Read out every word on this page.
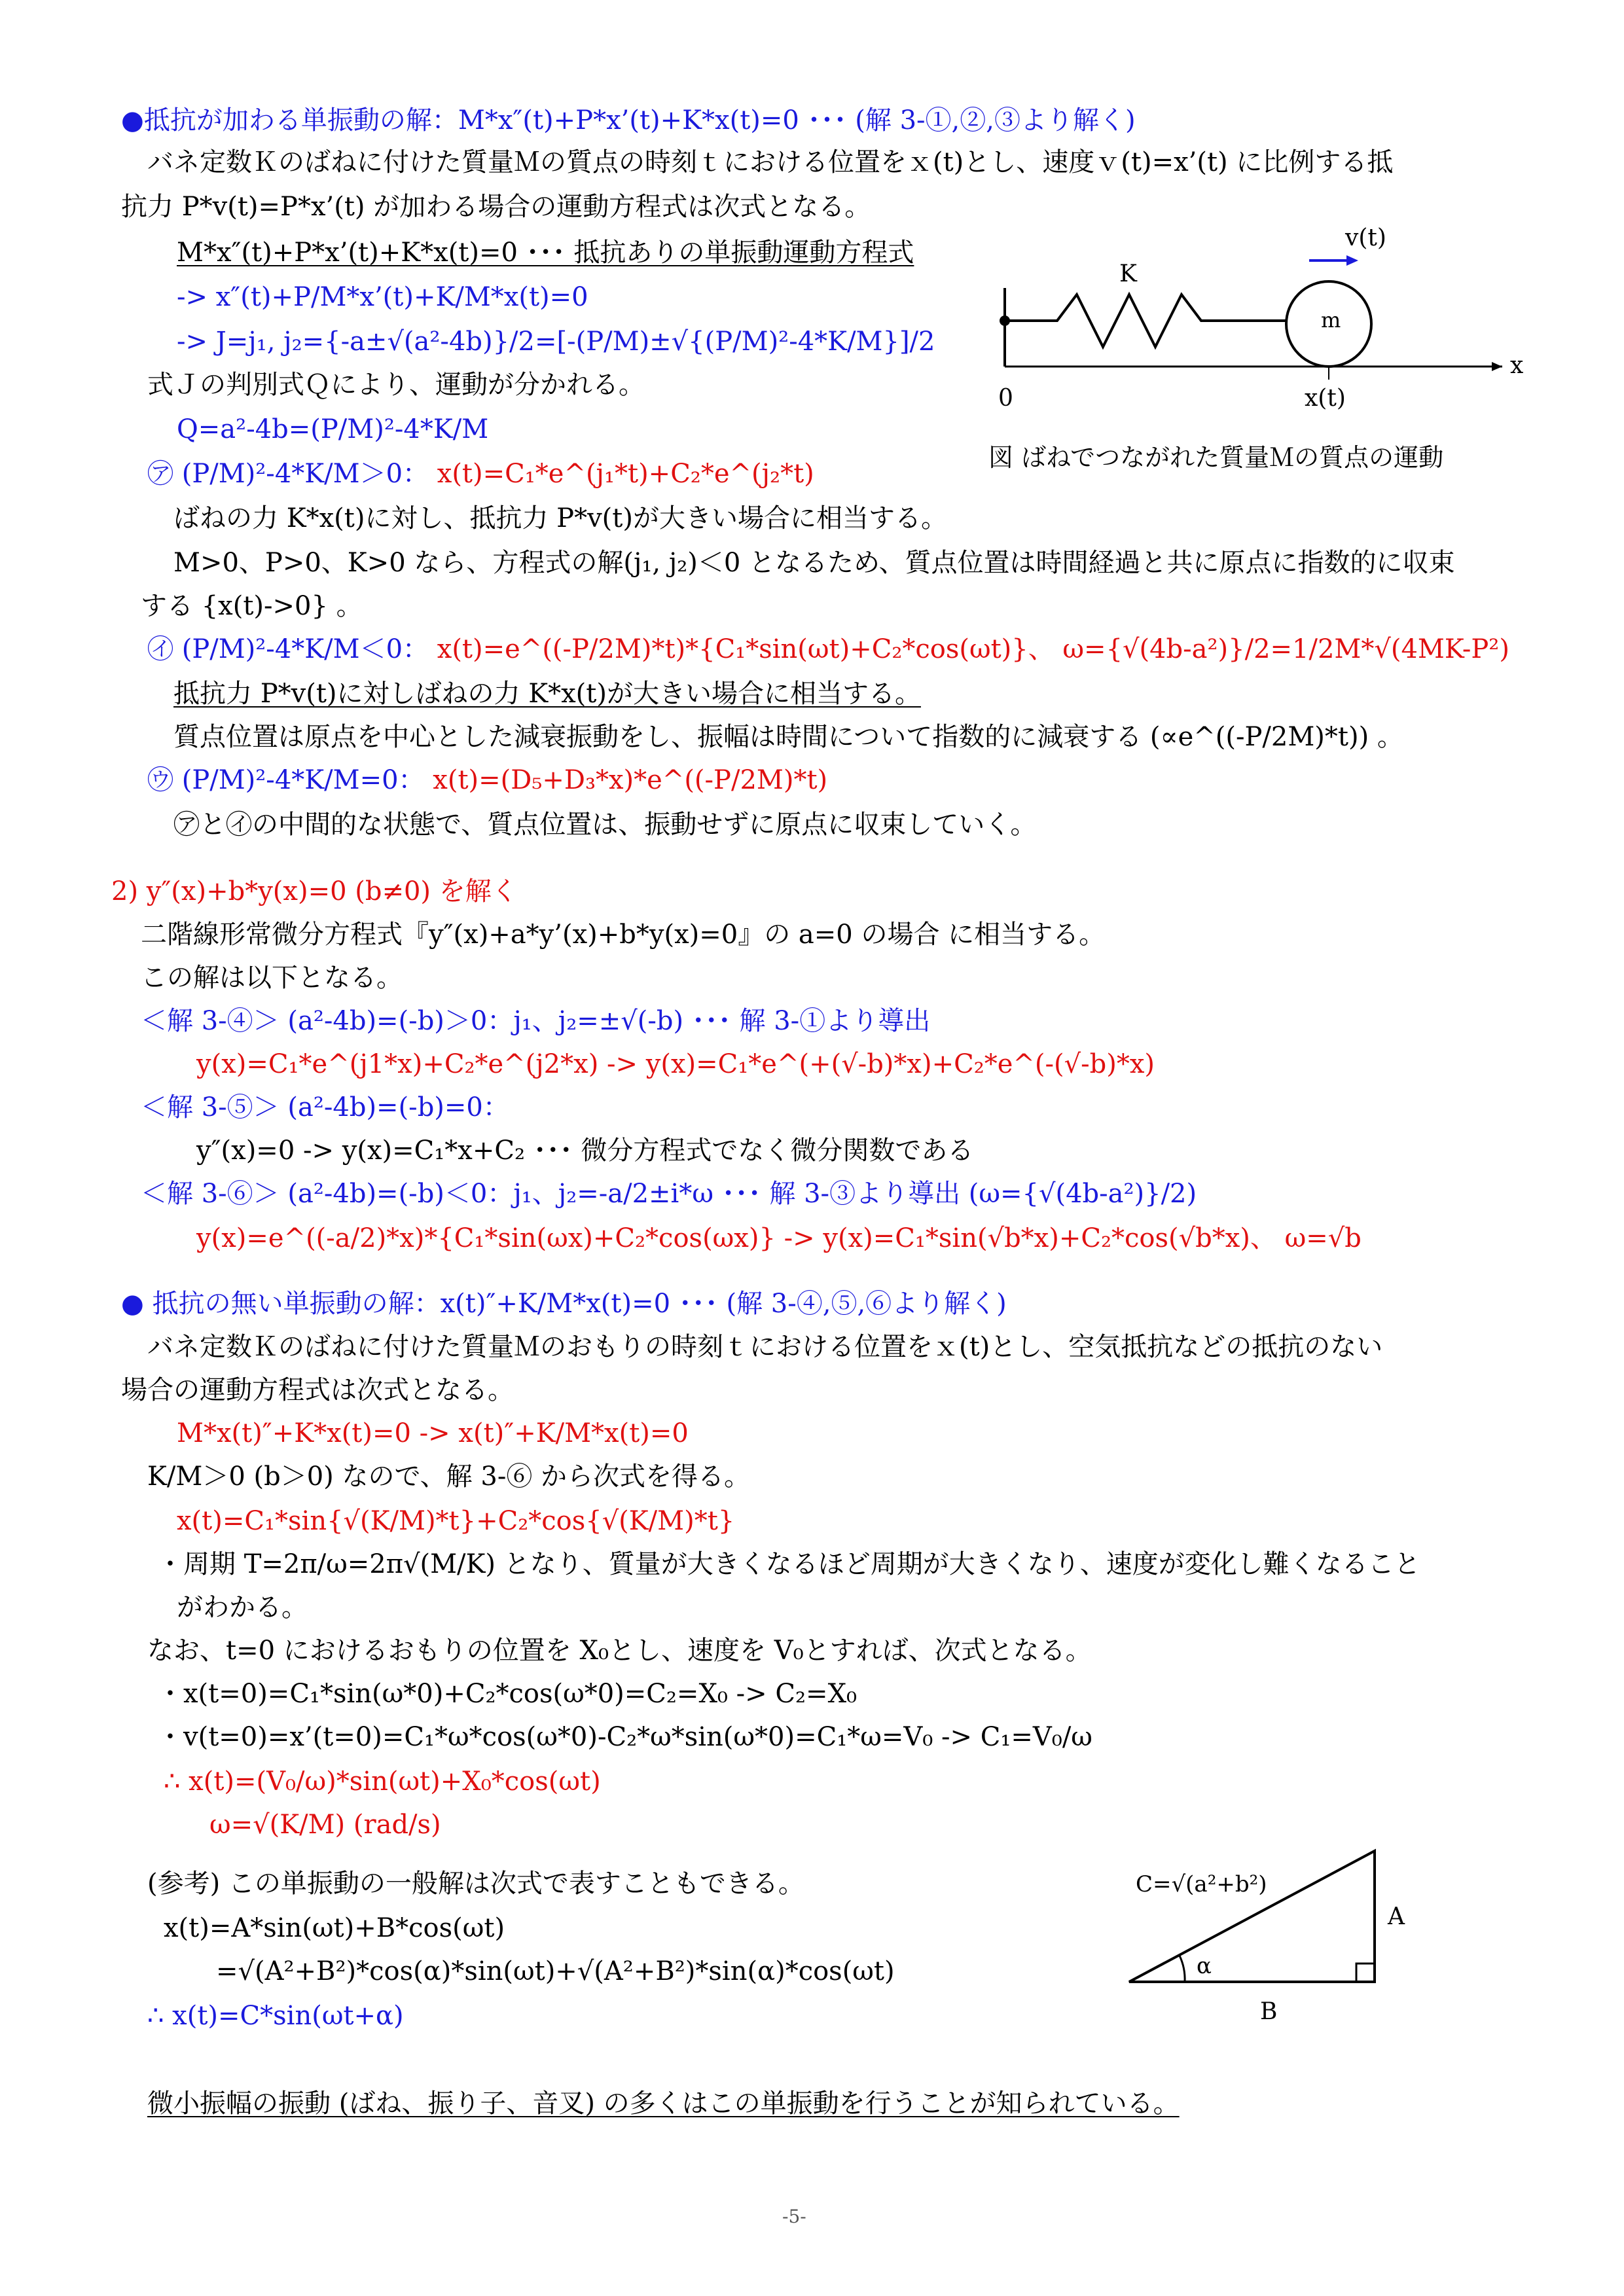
●抵抗が加わる単振動の解：M*x″(t)+P*x’(t)+K*x(t)=0 ･･･ (解 3-①,②,③より解く)
バネ定数Ｋのばねに付けた質量Ｍの質点の時刻ｔにおける位置をｘ(t)とし、速度ｖ(t)=x’(t) に比例する抵
抗力 P*v(t)=P*x’(t) が加わる場合の運動方程式は次式となる。
M*x″(t)+P*x’(t)+K*x(t)=0 ･･･ 抵抗ありの単振動運動方程式
-> x″(t)+P/M*x’(t)+K/M*x(t)=0
-> J=j₁, j₂={-a±√(a²-4b)}/2=[-(P/M)±√{(P/M)²-4*K/M}]/2
式Ｊの判別式Ｑにより、運動が分かれる。
Q=a²-4b=(P/M)²-4*K/M
㋐ (P/M)²-4*K/M＞0： x(t)=C₁*e^(j₁*t)+C₂*e^(j₂*t)
ばねの力 K*x(t)に対し、抵抗力 P*v(t)が大きい場合に相当する。
M>0、P>0、K>0 なら、方程式の解(j₁, j₂)＜0 となるため、質点位置は時間経過と共に原点に指数的に収束
する {x(t)->0} 。
㋑ (P/M)²-4*K/M＜0： x(t)=e^((-P/2M)*t)*{C₁*sin(ωt)+C₂*cos(ωt)}、 ω={√(4b-a²)}/2=1/2M*√(4MK-P²)
抵抗力 P*v(t)に対しばねの力 K*x(t)が大きい場合に相当する。
質点位置は原点を中心とした減衰振動をし、振幅は時間について指数的に減衰する (∝e^((-P/2M)*t)) 。
㋒ (P/M)²-4*K/M=0： x(t)=(D₅+D₃*x)*e^((-P/2M)*t)
㋐と㋑の中間的な状態で、質点位置は、振動せずに原点に収束していく。
v(t)
K
m
x
0	x(t)
図 ばねでつながれた質量Ｍの質点の運動
2) y″(x)+b*y(x)=0 (b≠0) を解く
二階線形常微分方程式『y″(x)+a*y’(x)+b*y(x)=0』の a=0 の場合 に相当する。
この解は以下となる。
＜解 3-④＞ (a²-4b)=(-b)＞0：j₁、j₂=±√(-b) ･･･ 解 3-①より導出
y(x)=C₁*e^(j1*x)+C₂*e^(j2*x) -> y(x)=C₁*e^(+(√-b)*x)+C₂*e^(-(√-b)*x)
＜解 3-⑤＞ (a²-4b)=(-b)=0：
y″(x)=0 -> y(x)=C₁*x+C₂ ･･･ 微分方程式でなく微分関数である
＜解 3-⑥＞ (a²-4b)=(-b)＜0：j₁、j₂=-a/2±i*ω ･･･ 解 3-③より導出 (ω={√(4b-a²)}/2)
y(x)=e^((-a/2)*x)*{C₁*sin(ωx)+C₂*cos(ωx)} -> y(x)=C₁*sin(√b*x)+C₂*cos(√b*x)、 ω=√b
● 抵抗の無い単振動の解：x(t)″+K/M*x(t)=0 ･･･ (解 3-④,⑤,⑥より解く)
バネ定数Ｋのばねに付けた質量Ｍのおもりの時刻ｔにおける位置をｘ(t)とし、空気抵抗などの抵抗のない
場合の運動方程式は次式となる。
M*x(t)″+K*x(t)=0 -> x(t)″+K/M*x(t)=0
K/M＞0 (b＞0) なので、解 3-⑥ から次式を得る。
x(t)=C₁*sin{√(K/M)*t}+C₂*cos{√(K/M)*t}
・周期 T=2π/ω=2π√(M/K) となり、質量が大きくなるほど周期が大きくなり、速度が変化し難くなること
がわかる。
なお、t=0 におけるおもりの位置を X₀とし、速度を V₀とすれば、次式となる。
・x(t=0)=C₁*sin(ω*0)+C₂*cos(ω*0)=C₂=X₀ -> C₂=X₀
・v(t=0)=x’(t=0)=C₁*ω*cos(ω*0)-C₂*ω*sin(ω*0)=C₁*ω=V₀ -> C₁=V₀/ω
∴ x(t)=(V₀/ω)*sin(ωt)+X₀*cos(ωt)
ω=√(K/M) (rad/s)
(参考) この単振動の一般解は次式で表すこともできる。
x(t)=A*sin(ωt)+B*cos(ωt)
=√(A²+B²)*cos(α)*sin(ωt)+√(A²+B²)*sin(α)*cos(ωt)
∴ x(t)=C*sin(ωt+α)
C=√(a²+b²)
A
B
α
微小振幅の振動 (ばね、振り子、音叉) の多くはこの単振動を行うことが知られている。
-5-
